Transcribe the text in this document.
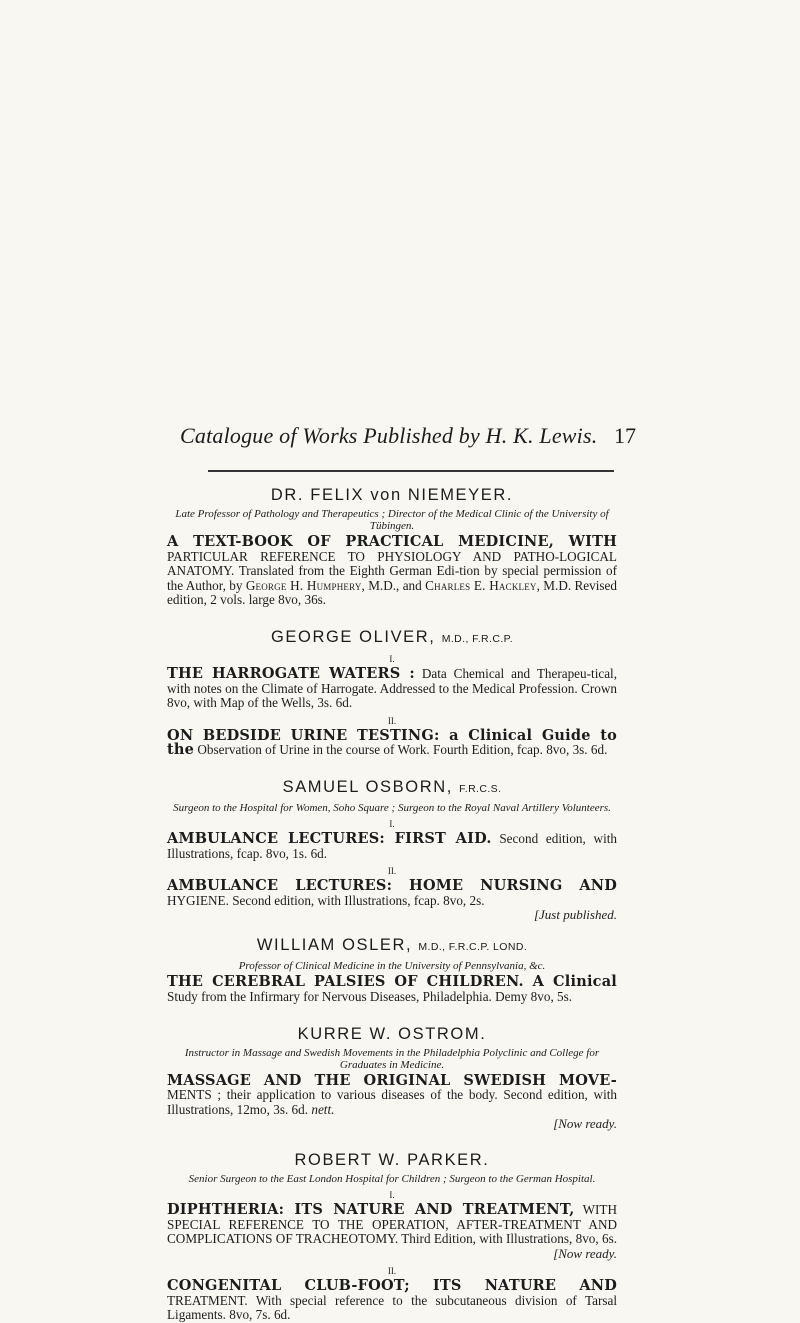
Catalogue of Works Published by H. K. Lewis. 17
DR. FELIX von NIEMEYER.
Late Professor of Pathology and Therapeutics ; Director of the Medical Clinic of the University of Tübingen.
A TEXT-BOOK OF PRACTICAL MEDICINE, WITH PARTICULAR REFERENCE TO PHYSIOLOGY AND PATHO-LOGICAL ANATOMY. Translated from the Eighth German Edi-tion by special permission of the Author, by George H. Humphery, M.D., and Charles E. Hackley, M.D. Revised edition, 2 vols. large 8vo, 36s.
GEORGE OLIVER, M.D., F.R.C.P.
I.
THE HARROGATE WATERS : Data Chemical and Therapeu-tical, with notes on the Climate of Harrogate. Addressed to the Medical Profession. Crown 8vo, with Map of the Wells, 3s. 6d.
II.
ON BEDSIDE URINE TESTING: a Clinical Guide to the Observation of Urine in the course of Work. Fourth Edition, fcap. 8vo, 3s. 6d.
SAMUEL OSBORN, F.R.C.S.
Surgeon to the Hospital for Women, Soho Square ; Surgeon to the Royal Naval Artillery Volunteers.
I.
AMBULANCE LECTURES: FIRST AID. Second edition, with Illustrations, fcap. 8vo, 1s. 6d.
II.
AMBULANCE LECTURES: HOME NURSING AND HYGIENE. Second edition, with Illustrations, fcap. 8vo, 2s.
[Just published.
WILLIAM OSLER, M.D., F.R.C.P. LOND.
Professor of Clinical Medicine in the University of Pennsylvania, &c.
THE CEREBRAL PALSIES OF CHILDREN. A Clinical Study from the Infirmary for Nervous Diseases, Philadelphia. Demy 8vo, 5s.
KURRE W. OSTROM.
Instructor in Massage and Swedish Movements in the Philadelphia Polyclinic and College for Graduates in Medicine.
MASSAGE AND THE ORIGINAL SWEDISH MOVE- MENTS ; their application to various diseases of the body. Second edition, with Illustrations, 12mo, 3s. 6d. nett.
[Now ready.
ROBERT W. PARKER.
Senior Surgeon to the East London Hospital for Children ; Surgeon to the German Hospital.
I.
DIPHTHERIA: ITS NATURE AND TREATMENT, WITH SPECIAL REFERENCE TO THE OPERATION, AFTER-TREATMENT AND COMPLICATIONS OF TRACHEOTOMY. Third Edition, with Illustrations, 8vo, 6s.
[Now ready.
II.
CONGENITAL CLUB-FOOT; ITS NATURE AND TREATMENT. With special reference to the subcutaneous division of Tarsal Ligaments. 8vo, 7s. 6d.
